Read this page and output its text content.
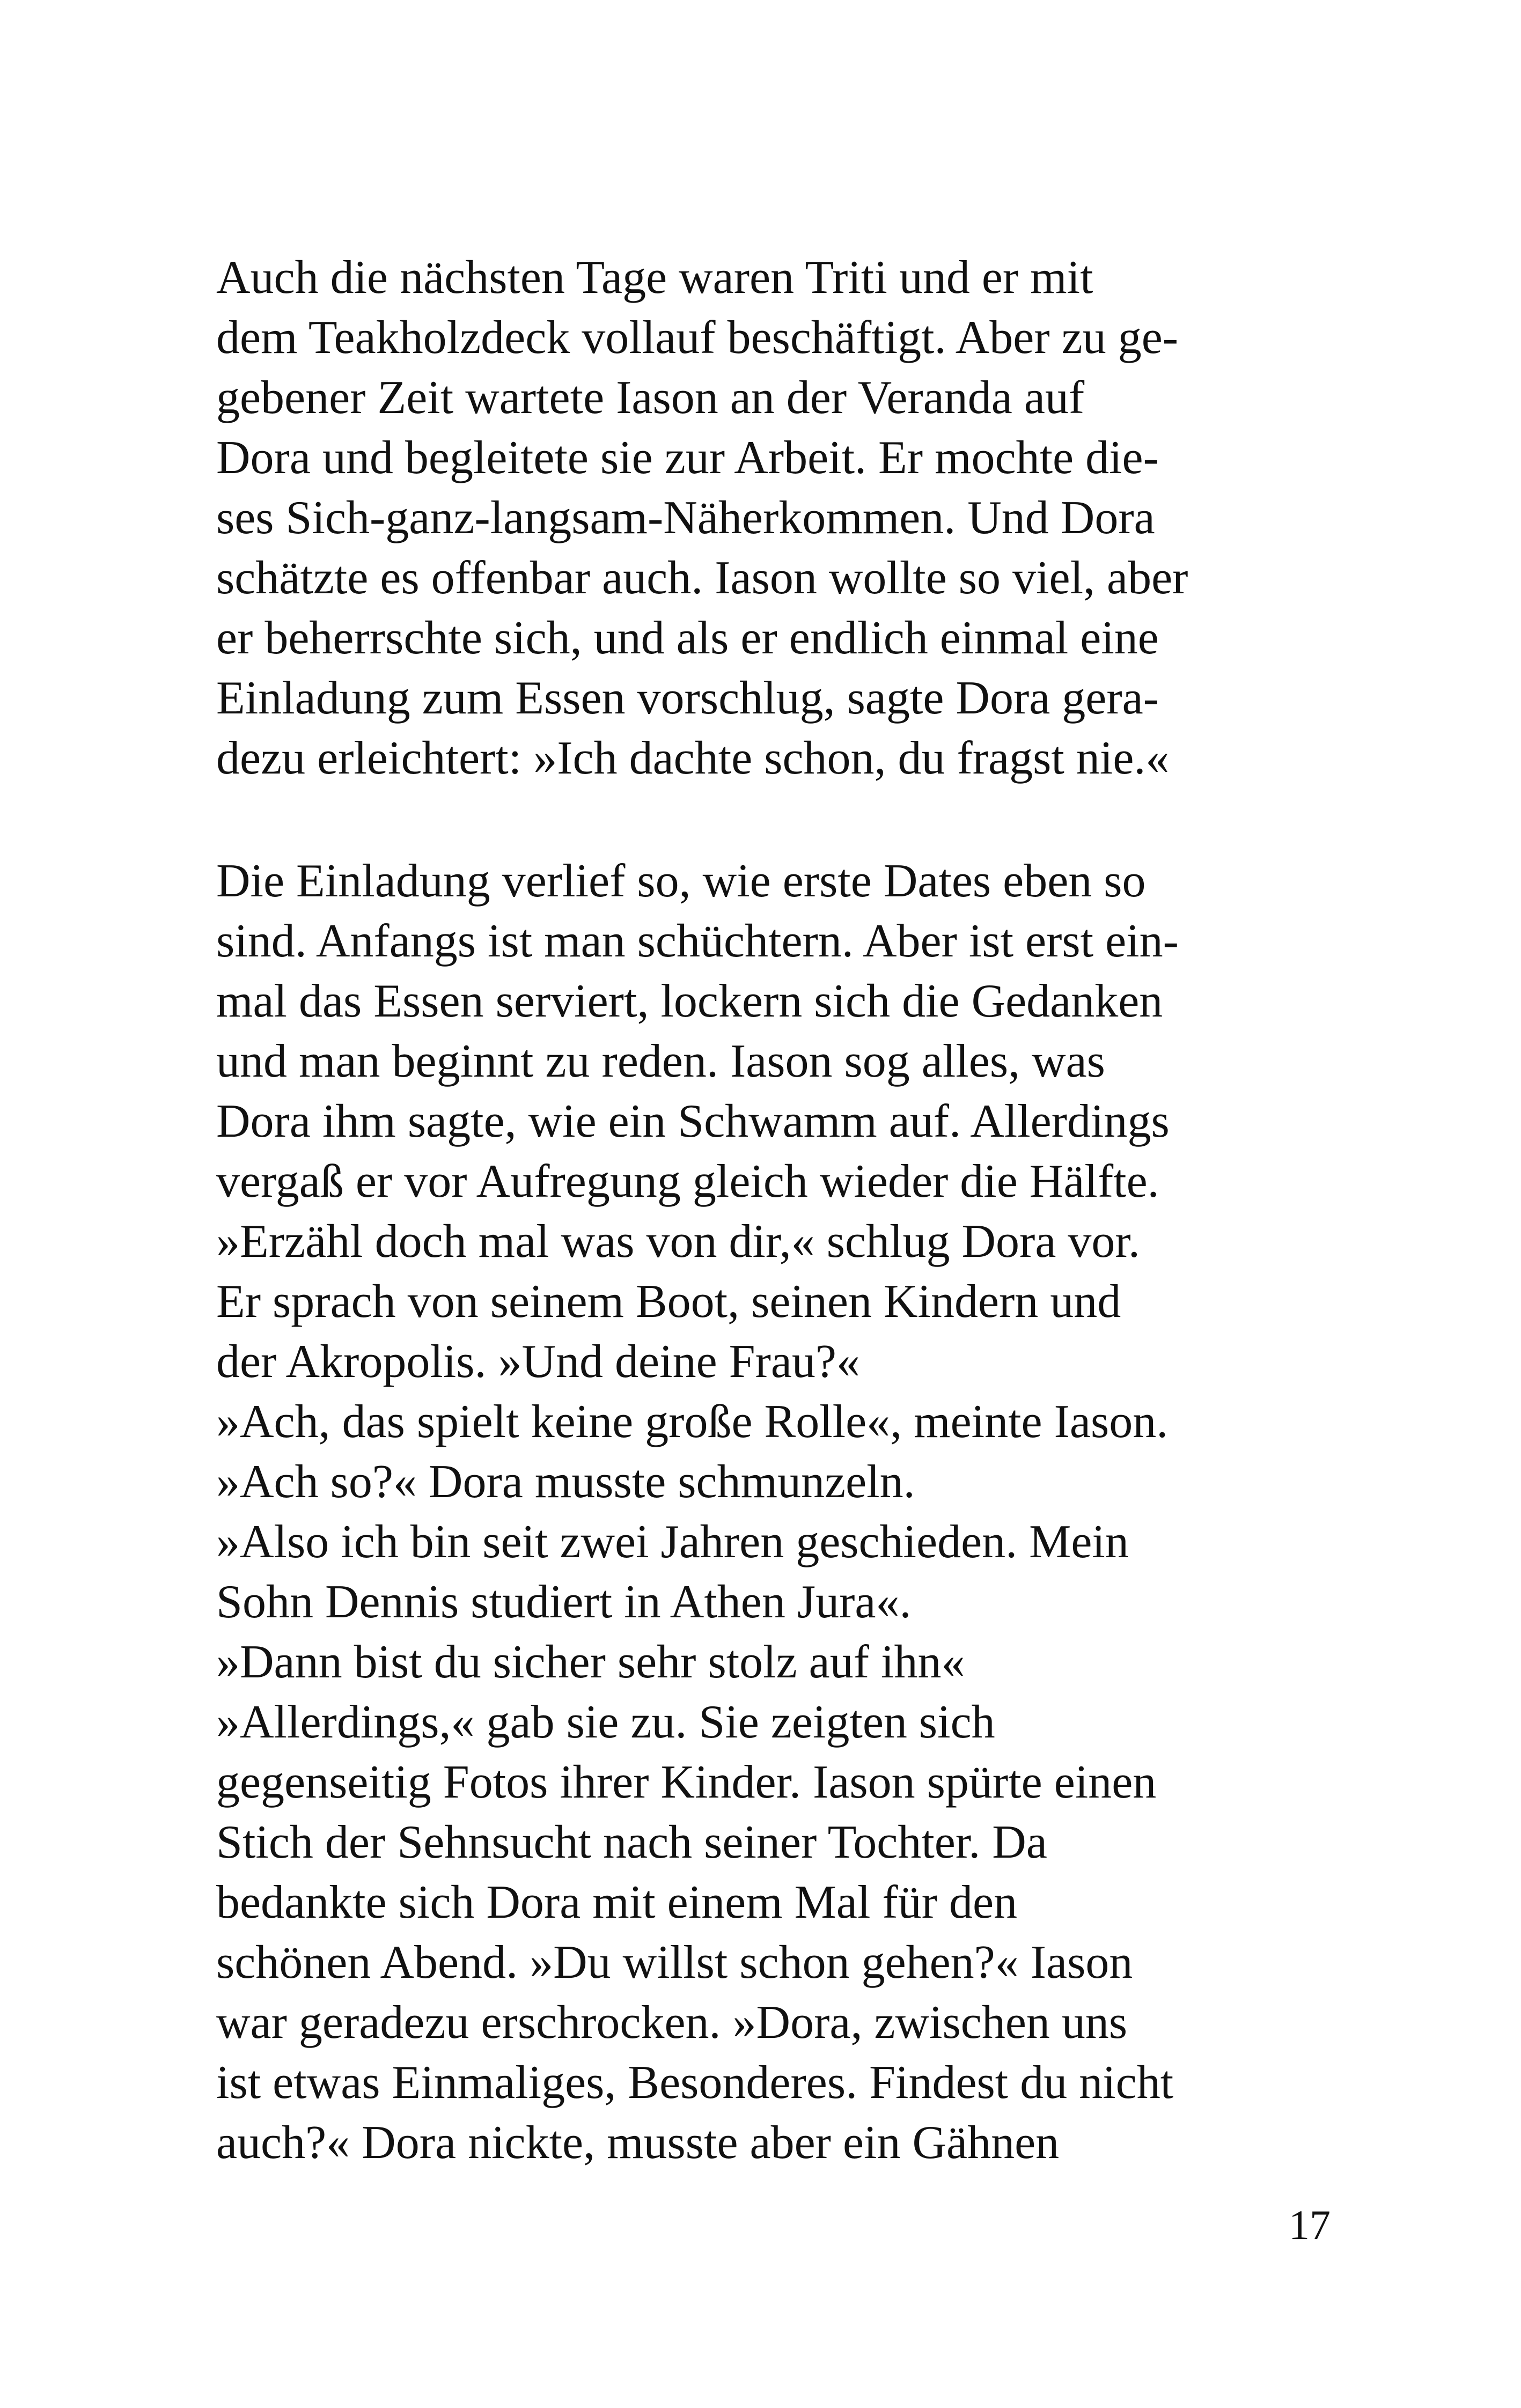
Auch die nächsten Tage waren Triti und er mit
dem Teakholzdeck vollauf beschäftigt. Aber zu ge-
gebener Zeit wartete Iason an der Veranda auf
Dora und begleitete sie zur Arbeit. Er mochte die-
ses Sich-ganz-langsam-Näherkommen. Und Dora
schätzte es offenbar auch. Iason wollte so viel, aber
er beherrschte sich, und als er endlich einmal eine
Einladung zum Essen vorschlug, sagte Dora gera-
dezu erleichtert: »Ich dachte schon, du fragst nie.«
Die Einladung verlief so, wie erste Dates eben so
sind. Anfangs ist man schüchtern. Aber ist erst ein-
mal das Essen serviert, lockern sich die Gedanken
und man beginnt zu reden. Iason sog alles, was
Dora ihm sagte, wie ein Schwamm auf. Allerdings
vergaß er vor Aufregung gleich wieder die Hälfte.
»Erzähl doch mal was von dir,« schlug Dora vor.
Er sprach von seinem Boot, seinen Kindern und
der Akropolis. »Und deine Frau?«
»Ach, das spielt keine große Rolle«, meinte Iason.
»Ach so?« Dora musste schmunzeln.
»Also ich bin seit zwei Jahren geschieden. Mein
Sohn Dennis studiert in Athen Jura«.
»Dann bist du sicher sehr stolz auf ihn«
»Allerdings,« gab sie zu. Sie zeigten sich
gegenseitig Fotos ihrer Kinder. Iason spürte einen
Stich der Sehnsucht nach seiner Tochter. Da
bedankte sich Dora mit einem Mal für den
schönen Abend. »Du willst schon gehen?« Iason
war geradezu erschrocken. »Dora, zwischen uns
ist etwas Einmaliges, Besonderes. Findest du nicht
auch?« Dora nickte, musste aber ein Gähnen
17
